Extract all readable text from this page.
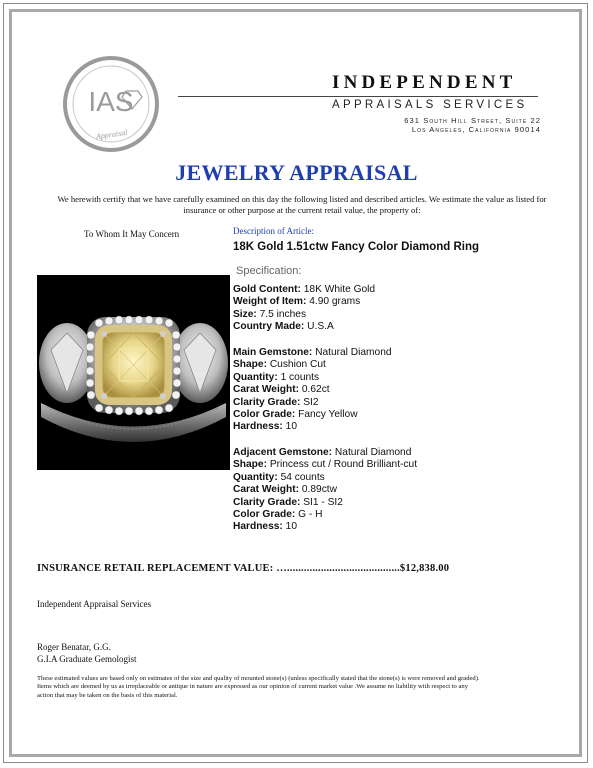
IAS
Appraisal
INDEPENDENT
APPRAISALS SERVICES
631 South Hill Street, Suite 22
Los Angeles, California 90014
JEWELRY APPRAISAL
We herewith certify that we have carefully examined on this day the following listed and described articles. We estimate the value as listed for insurance or other purpose at the current retail value, the property of:
To Whom It May Concern	Description of Article:
18K Gold 1.51ctw Fancy Color Diamond Ring
Specification:
Gold Content: 18K White Gold
Weight of Item: 4.90 grams
Size: 7.5 inches
Country Made: U.S.A
Main Gemstone: Natural Diamond
Shape: Cushion Cut
Quantity: 1 counts
Carat Weight: 0.62ct
Clarity Grade: SI2
Color Grade: Fancy Yellow
Hardness: 10
Adjacent Gemstone: Natural Diamond
Shape: Princess cut / Round Brilliant-cut
Quantity: 54 counts
Carat Weight: 0.89ctw
Clarity Grade: SI1 - SI2
Color Grade: G - H
Hardness: 10
INSURANCE RETAIL REPLACEMENT VALUE: …........................................$12,838.00
Independent Appraisal Services
Roger Benatar, G.G.
G.I.A Graduate Gemologist
These estimated values are based only on estimates of the size and quality of mounted stone(s) (unless specifically stated that the stone(s) is were removed and graded). Items which are deemed by us as irreplaceable or antique in nature are expressed as our opinion of current market value .We assume no liability with respect to any action that may be taken on the basis of this material.
